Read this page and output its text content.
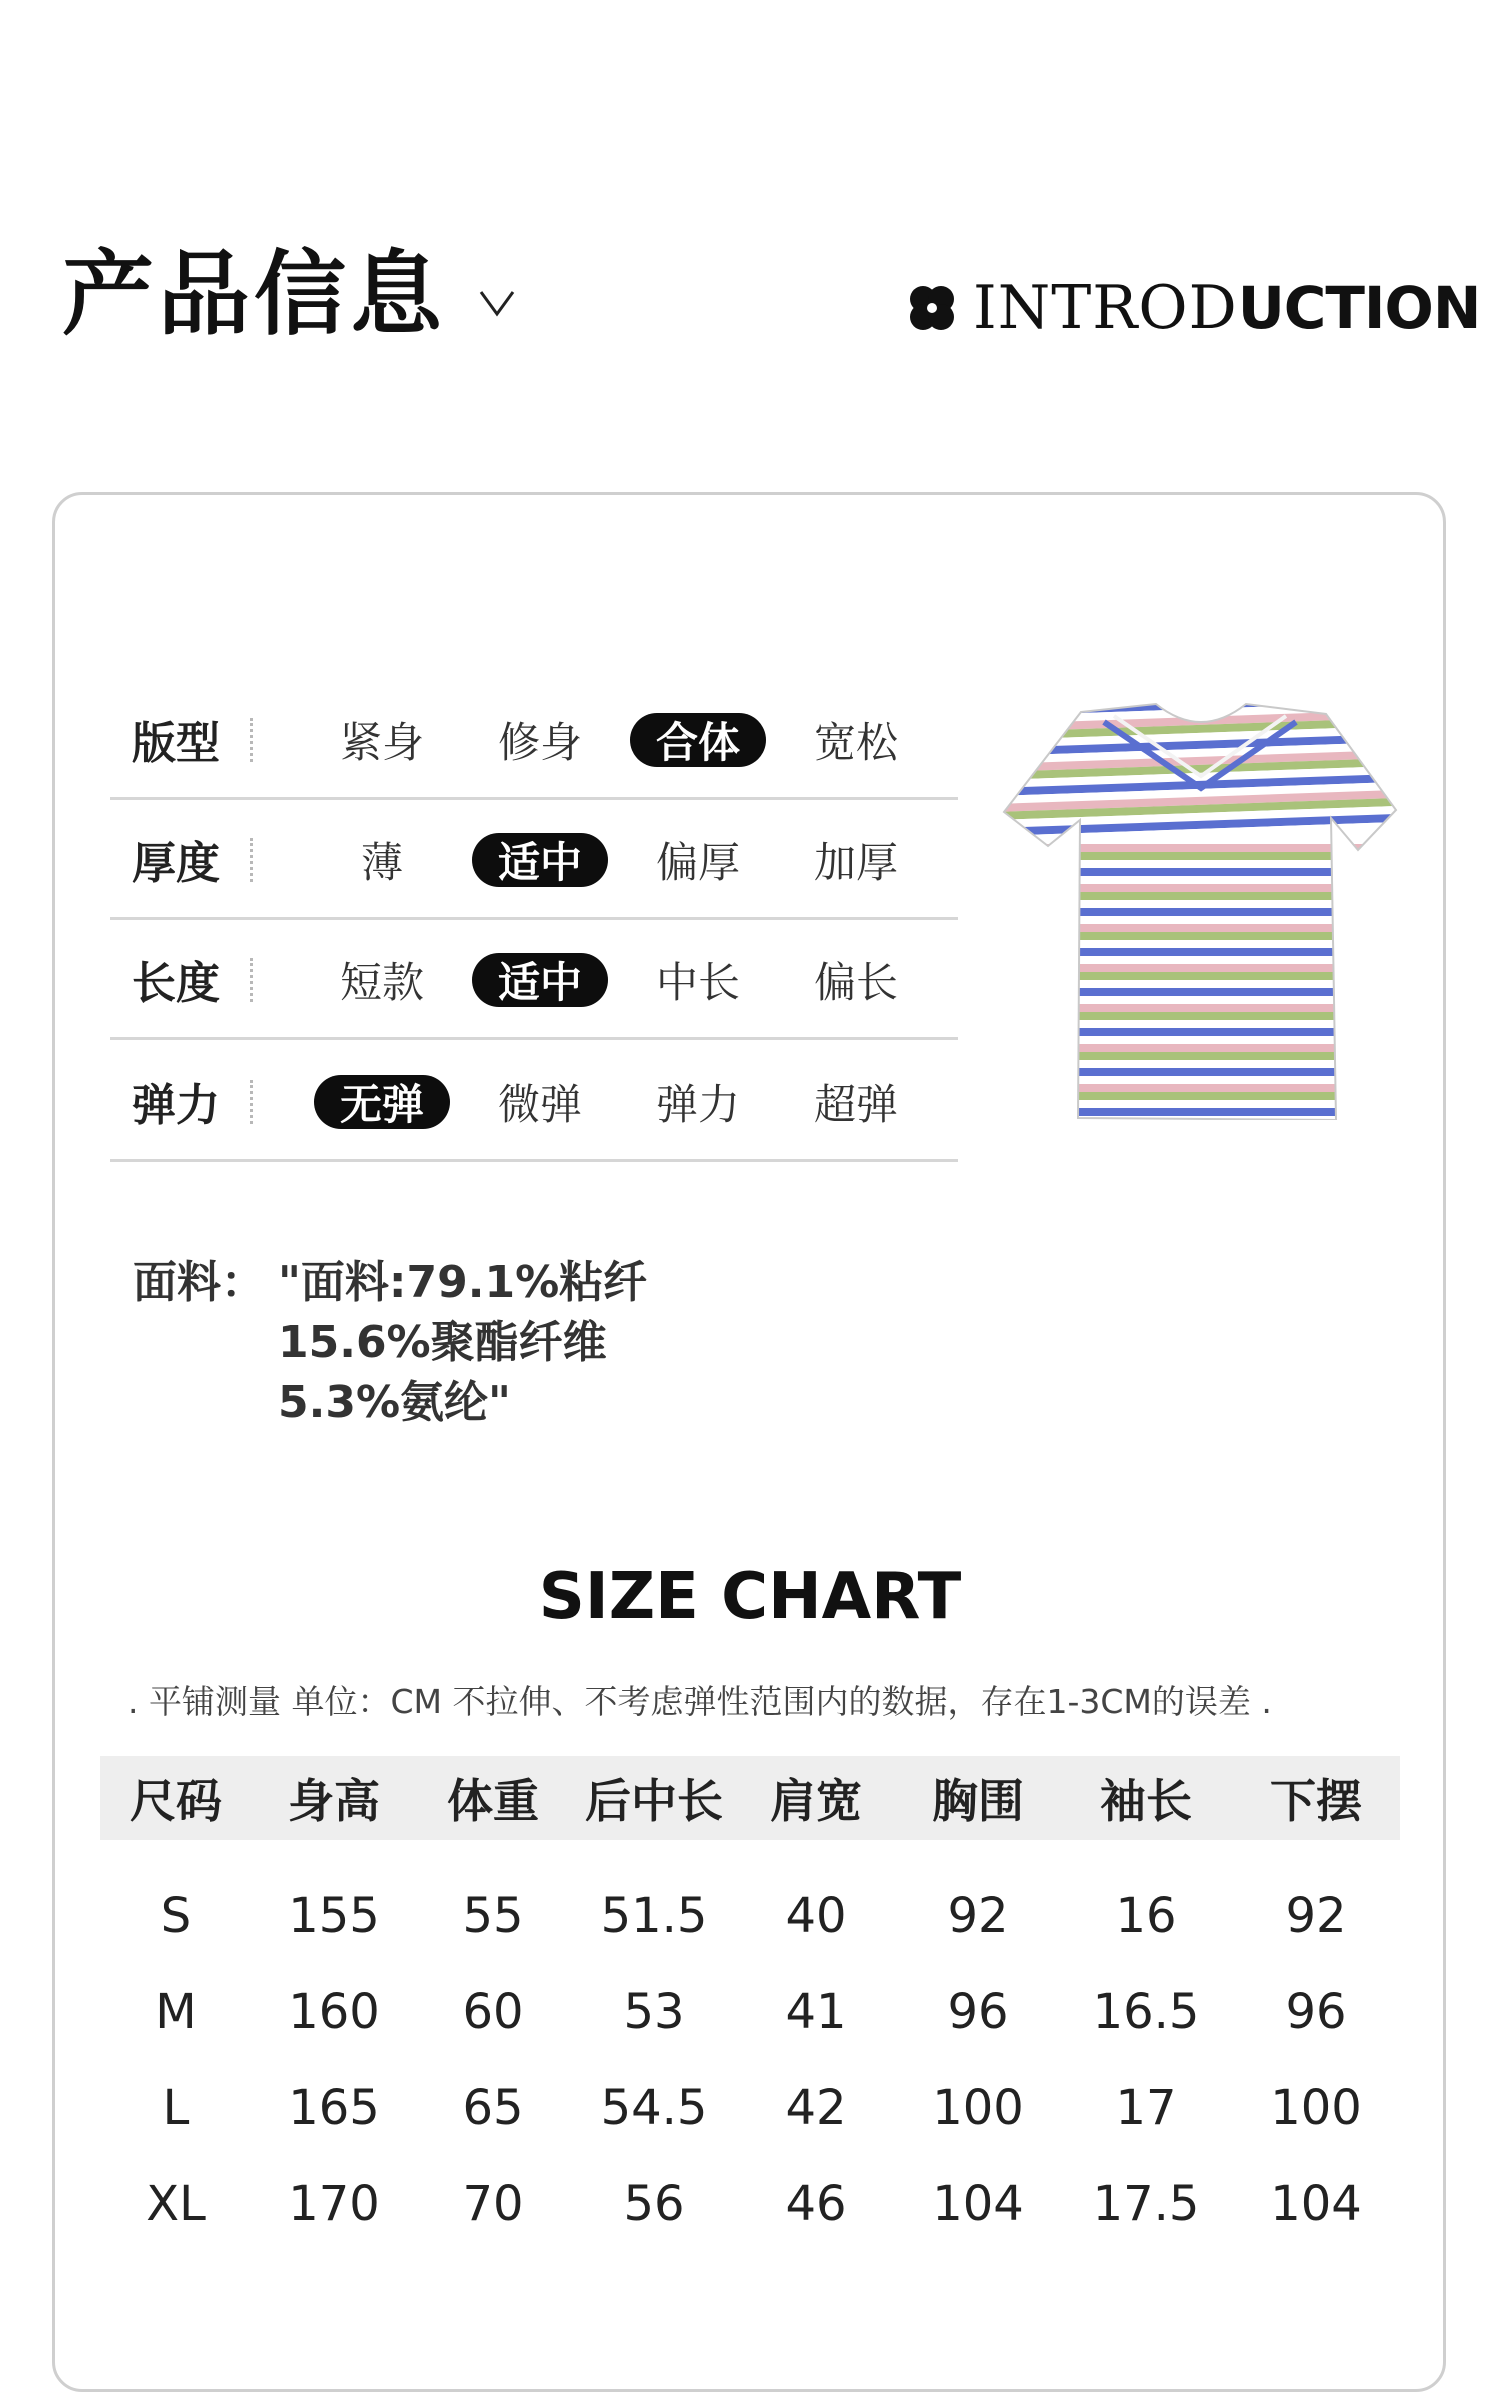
产品信息	INTROD UCTION
版型	紧身	修身	合体	宽松
厚度	薄	适中	偏厚	加厚
长度	短款	适中	中长	偏长
弹力	无弹	微弹	弹力	超弹
面料： "面料:79.1%粘纤
15.6%聚酯纤维
5.3%氨纶"
SIZE CHART
. 平铺测量 单位：CM 不拉伸、不考虑弹性范围内的数据，存在1-3CM的误差 .
尺码 身高 体重 后中长 肩宽 胸围 袖长 下摆
S 155 55 51.5 40 92 16 92
M 160 60 53 41 96 16.5 96
L 165 65 54.5 42 100 17 100
XL 170 70 56 46 104 17.5 104
